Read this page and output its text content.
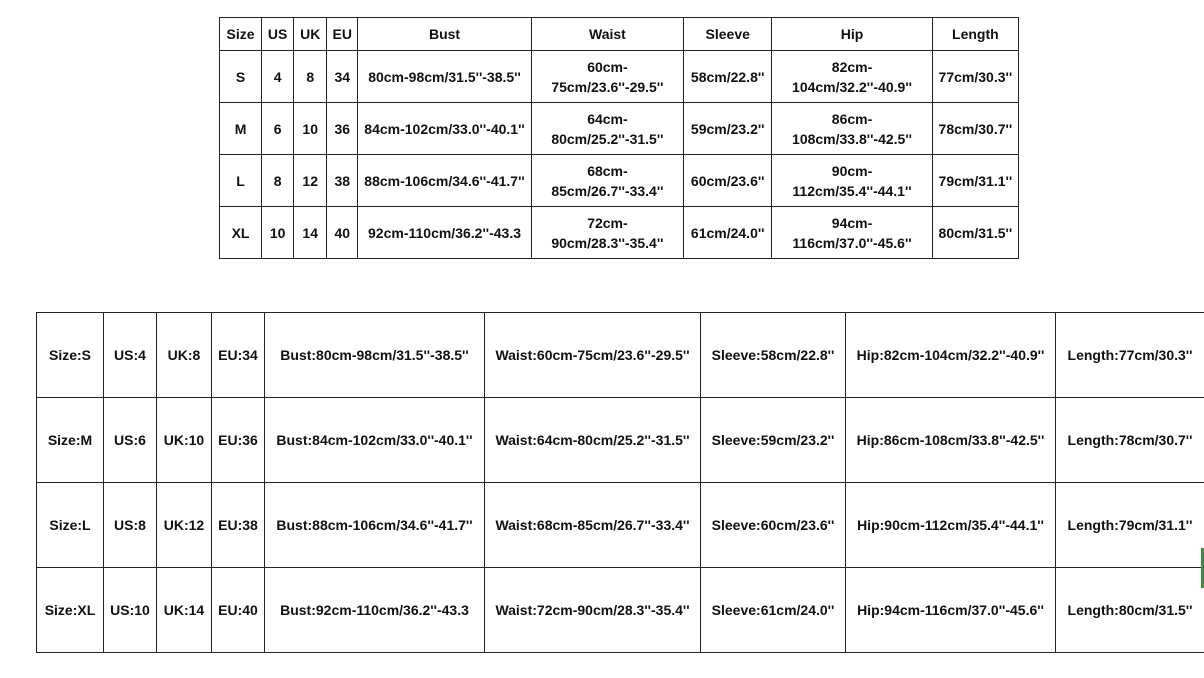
Size	US	UK	EU	Bust	Waist	Sleeve	Hip	Length
S	4	8	34	80cm-98cm/31.5''-38.5''	60cm-75cm/23.6''-29.5''	58cm/22.8''	82cm-104cm/32.2''-40.9''	77cm/30.3''
M	6	10	36	84cm-102cm/33.0''-40.1''	64cm-80cm/25.2''-31.5''	59cm/23.2''	86cm-108cm/33.8''-42.5''	78cm/30.7''
L	8	12	38	88cm-106cm/34.6''-41.7''	68cm-85cm/26.7''-33.4''	60cm/23.6''	90cm-112cm/35.4''-44.1''	79cm/31.1''
XL	10	14	40	92cm-110cm/36.2''-43.3	72cm-90cm/28.3''-35.4''	61cm/24.0''	94cm-116cm/37.0''-45.6''	80cm/31.5''
Size:S	US:4	UK:8	EU:34	Bust:80cm-98cm/31.5''-38.5''	Waist:60cm-75cm/23.6''-29.5''	Sleeve:58cm/22.8''	Hip:82cm-104cm/32.2''-40.9''	Length:77cm/30.3''
Size:M	US:6	UK:10	EU:36	Bust:84cm-102cm/33.0''-40.1''	Waist:64cm-80cm/25.2''-31.5''	Sleeve:59cm/23.2''	Hip:86cm-108cm/33.8''-42.5''	Length:78cm/30.7''
Size:L	US:8	UK:12	EU:38	Bust:88cm-106cm/34.6''-41.7''	Waist:68cm-85cm/26.7''-33.4''	Sleeve:60cm/23.6''	Hip:90cm-112cm/35.4''-44.1''	Length:79cm/31.1''
Size:XL	US:10	UK:14	EU:40	Bust:92cm-110cm/36.2''-43.3	Waist:72cm-90cm/28.3''-35.4''	Sleeve:61cm/24.0''	Hip:94cm-116cm/37.0''-45.6''	Length:80cm/31.5''
